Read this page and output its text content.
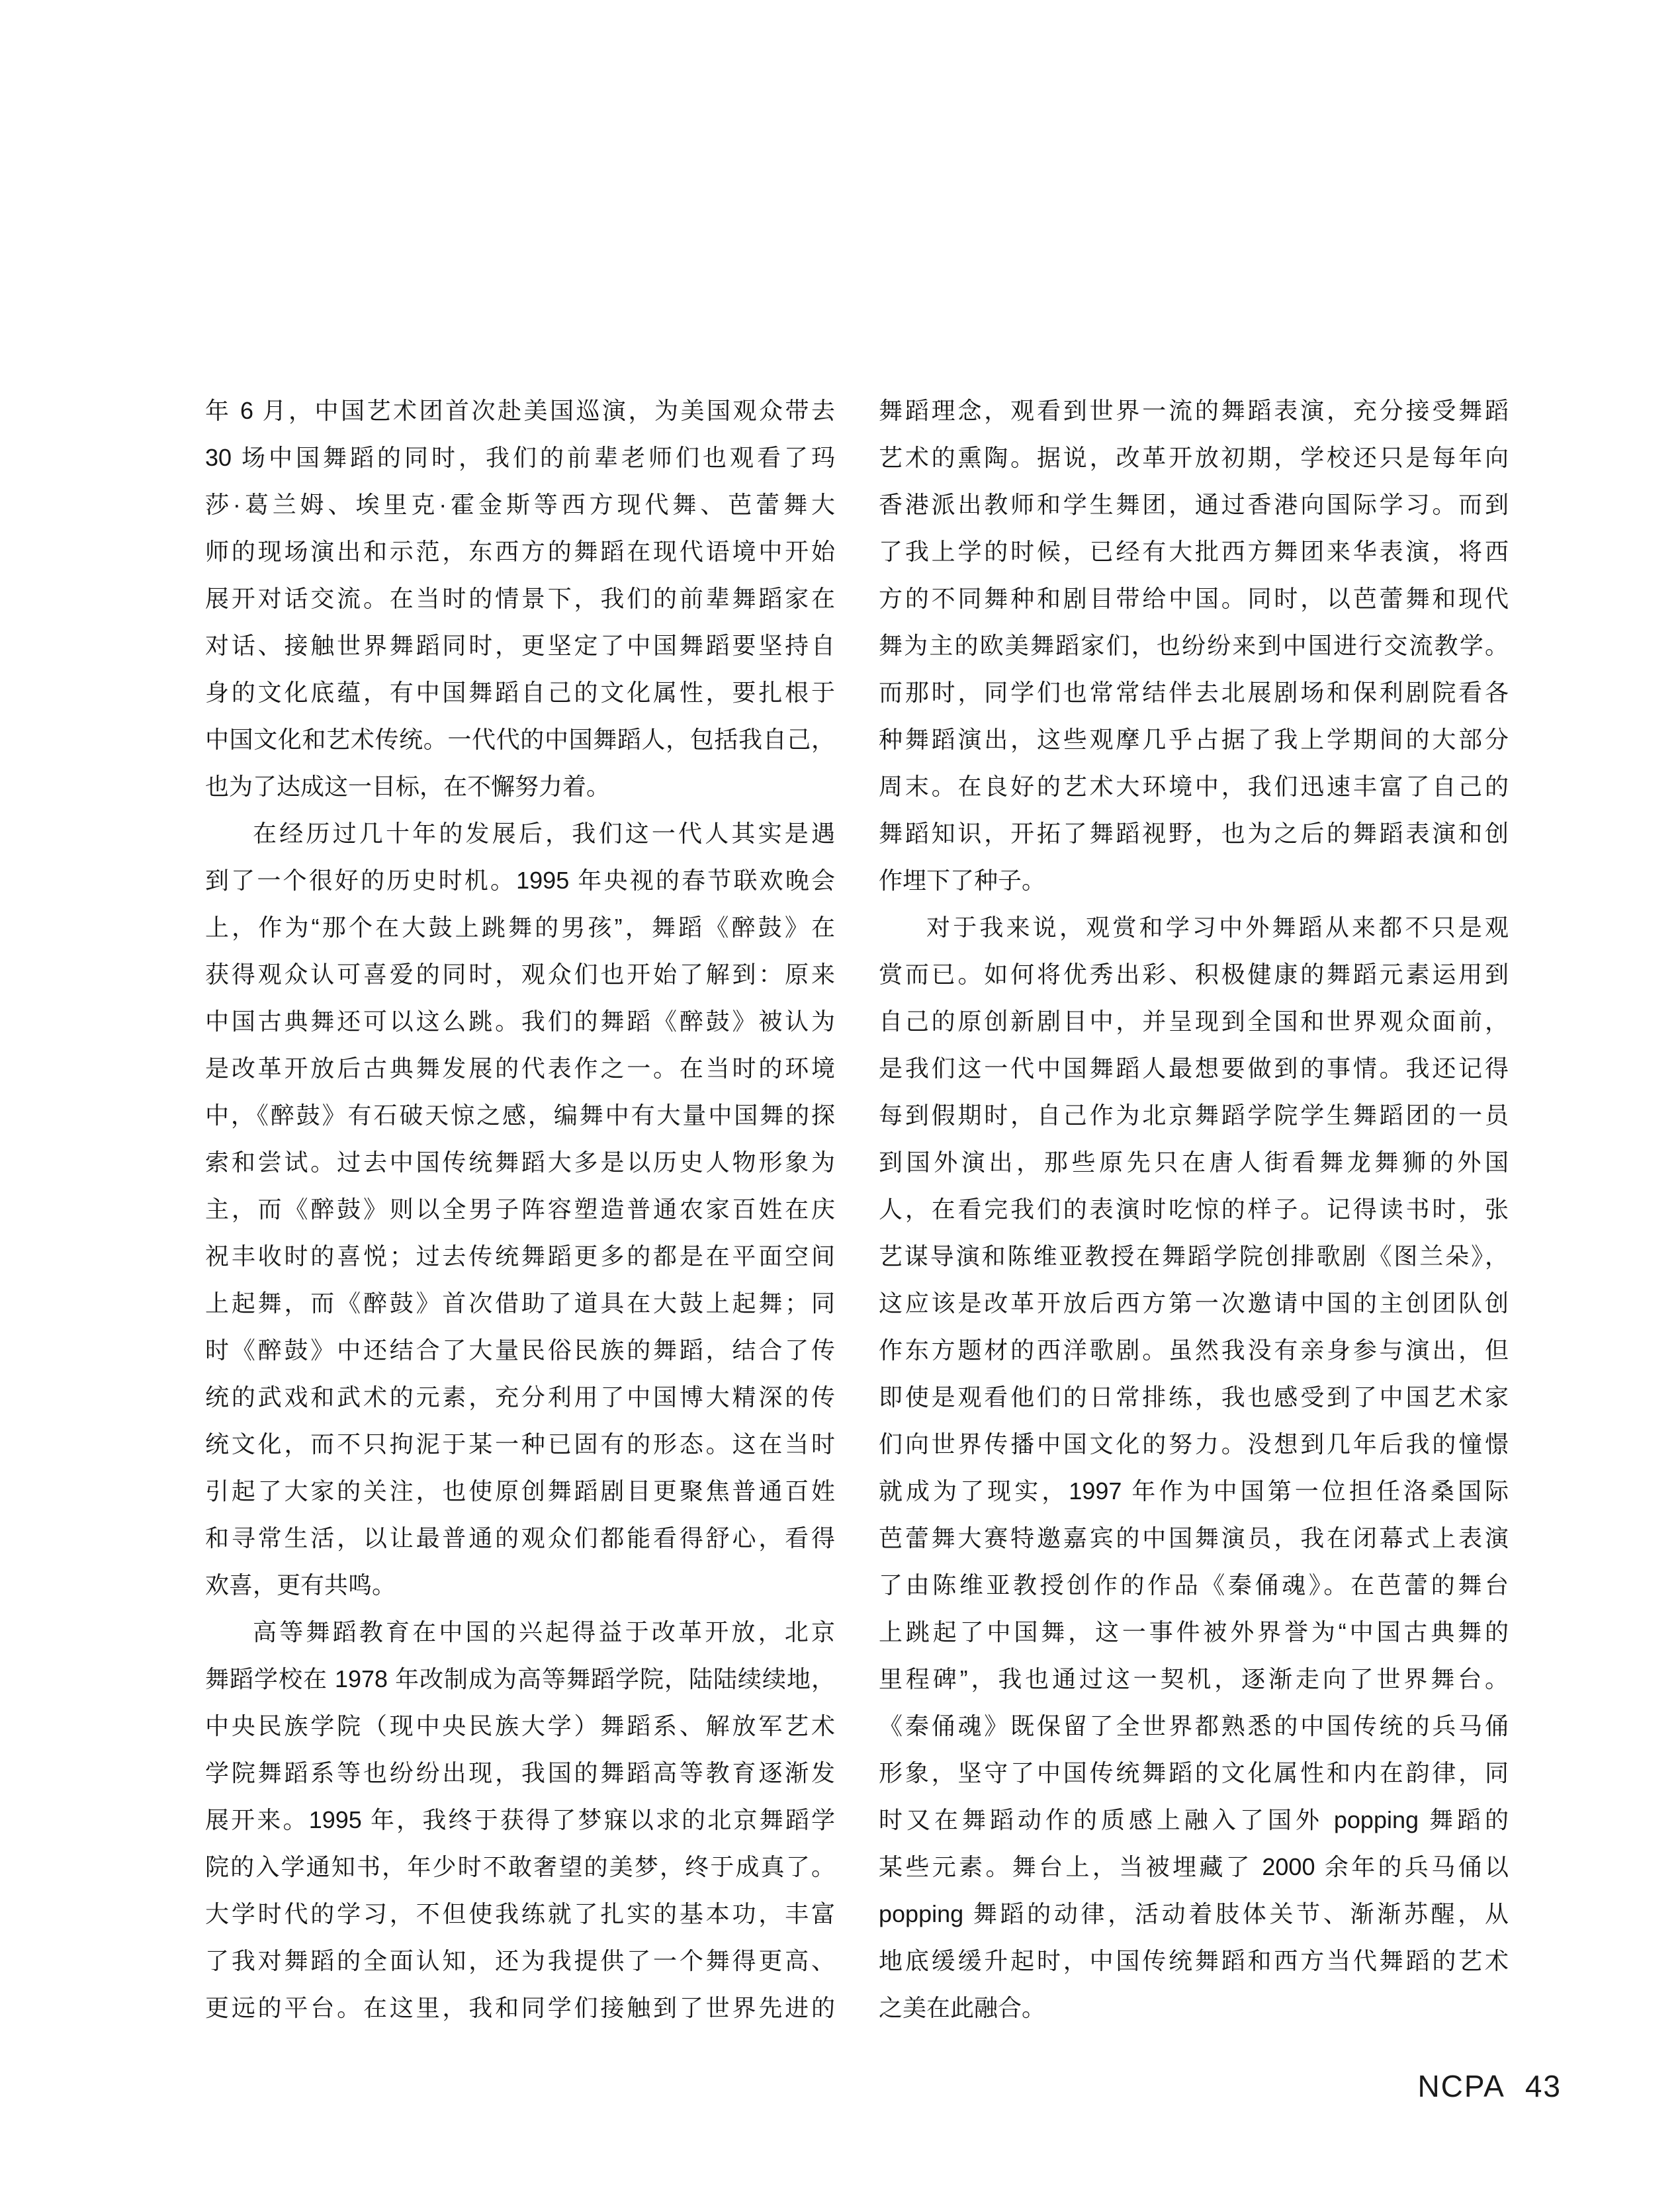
年 6 月，中国艺术团首次赴美国巡演，为美国观众带去
30 场中国舞蹈的同时，我们的前辈老师们也观看了玛
莎·葛兰姆、埃里克·霍金斯等西方现代舞、芭蕾舞大
师的现场演出和示范，东西方的舞蹈在现代语境中开始
展开对话交流。在当时的情景下，我们的前辈舞蹈家在
对话、接触世界舞蹈同时，更坚定了中国舞蹈要坚持自
身的文化底蕴，有中国舞蹈自己的文化属性，要扎根于
中国文化和艺术传统。一代代的中国舞蹈人，包括我自己，
也为了达成这一目标，在不懈努力着。
在经历过几十年的发展后，我们这一代人其实是遇
到了一个很好的历史时机。1995 年央视的春节联欢晚会
上，作为“那个在大鼓上跳舞的男孩”，舞蹈《醉鼓》在
获得观众认可喜爱的同时，观众们也开始了解到：原来
中国古典舞还可以这么跳。我们的舞蹈《醉鼓》被认为
是改革开放后古典舞发展的代表作之一。在当时的环境
中，《醉鼓》有石破天惊之感，编舞中有大量中国舞的探
索和尝试。过去中国传统舞蹈大多是以历史人物形象为
主，而《醉鼓》则以全男子阵容塑造普通农家百姓在庆
祝丰收时的喜悦；过去传统舞蹈更多的都是在平面空间
上起舞，而《醉鼓》首次借助了道具在大鼓上起舞；同
时《醉鼓》中还结合了大量民俗民族的舞蹈，结合了传
统的武戏和武术的元素，充分利用了中国博大精深的传
统文化，而不只拘泥于某一种已固有的形态。这在当时
引起了大家的关注，也使原创舞蹈剧目更聚焦普通百姓
和寻常生活，以让最普通的观众们都能看得舒心，看得
欢喜，更有共鸣。
高等舞蹈教育在中国的兴起得益于改革开放，北京
舞蹈学校在 1978 年改制成为高等舞蹈学院，陆陆续续地，
中央民族学院（现中央民族大学）舞蹈系、解放军艺术
学院舞蹈系等也纷纷出现，我国的舞蹈高等教育逐渐发
展开来。1995 年，我终于获得了梦寐以求的北京舞蹈学
院的入学通知书，年少时不敢奢望的美梦，终于成真了。
大学时代的学习，不但使我练就了扎实的基本功，丰富
了我对舞蹈的全面认知，还为我提供了一个舞得更高、
更远的平台。在这里，我和同学们接触到了世界先进的
舞蹈理念，观看到世界一流的舞蹈表演，充分接受舞蹈
艺术的熏陶。据说，改革开放初期，学校还只是每年向
香港派出教师和学生舞团，通过香港向国际学习。而到
了我上学的时候，已经有大批西方舞团来华表演，将西
方的不同舞种和剧目带给中国。同时，以芭蕾舞和现代
舞为主的欧美舞蹈家们，也纷纷来到中国进行交流教学。
而那时，同学们也常常结伴去北展剧场和保利剧院看各
种舞蹈演出，这些观摩几乎占据了我上学期间的大部分
周末。在良好的艺术大环境中，我们迅速丰富了自己的
舞蹈知识，开拓了舞蹈视野，也为之后的舞蹈表演和创
作埋下了种子。
对于我来说，观赏和学习中外舞蹈从来都不只是观
赏而已。如何将优秀出彩、积极健康的舞蹈元素运用到
自己的原创新剧目中，并呈现到全国和世界观众面前，
是我们这一代中国舞蹈人最想要做到的事情。我还记得
每到假期时，自己作为北京舞蹈学院学生舞蹈团的一员
到国外演出，那些原先只在唐人街看舞龙舞狮的外国
人，在看完我们的表演时吃惊的样子。记得读书时，张
艺谋导演和陈维亚教授在舞蹈学院创排歌剧《图兰朵》，
这应该是改革开放后西方第一次邀请中国的主创团队创
作东方题材的西洋歌剧。虽然我没有亲身参与演出，但
即使是观看他们的日常排练，我也感受到了中国艺术家
们向世界传播中国文化的努力。没想到几年后我的憧憬
就成为了现实，1997 年作为中国第一位担任洛桑国际
芭蕾舞大赛特邀嘉宾的中国舞演员，我在闭幕式上表演
了由陈维亚教授创作的作品《秦俑魂》。在芭蕾的舞台
上跳起了中国舞，这一事件被外界誉为“中国古典舞的
里程碑”，我也通过这一契机，逐渐走向了世界舞台。
《秦俑魂》既保留了全世界都熟悉的中国传统的兵马俑
形象，坚守了中国传统舞蹈的文化属性和内在韵律，同
时又在舞蹈动作的质感上融入了国外 popping 舞蹈的
某些元素。舞台上，当被埋藏了 2000 余年的兵马俑以
popping 舞蹈的动律，活动着肢体关节、渐渐苏醒，从
地底缓缓升起时，中国传统舞蹈和西方当代舞蹈的艺术
之美在此融合。
NCPA 43
